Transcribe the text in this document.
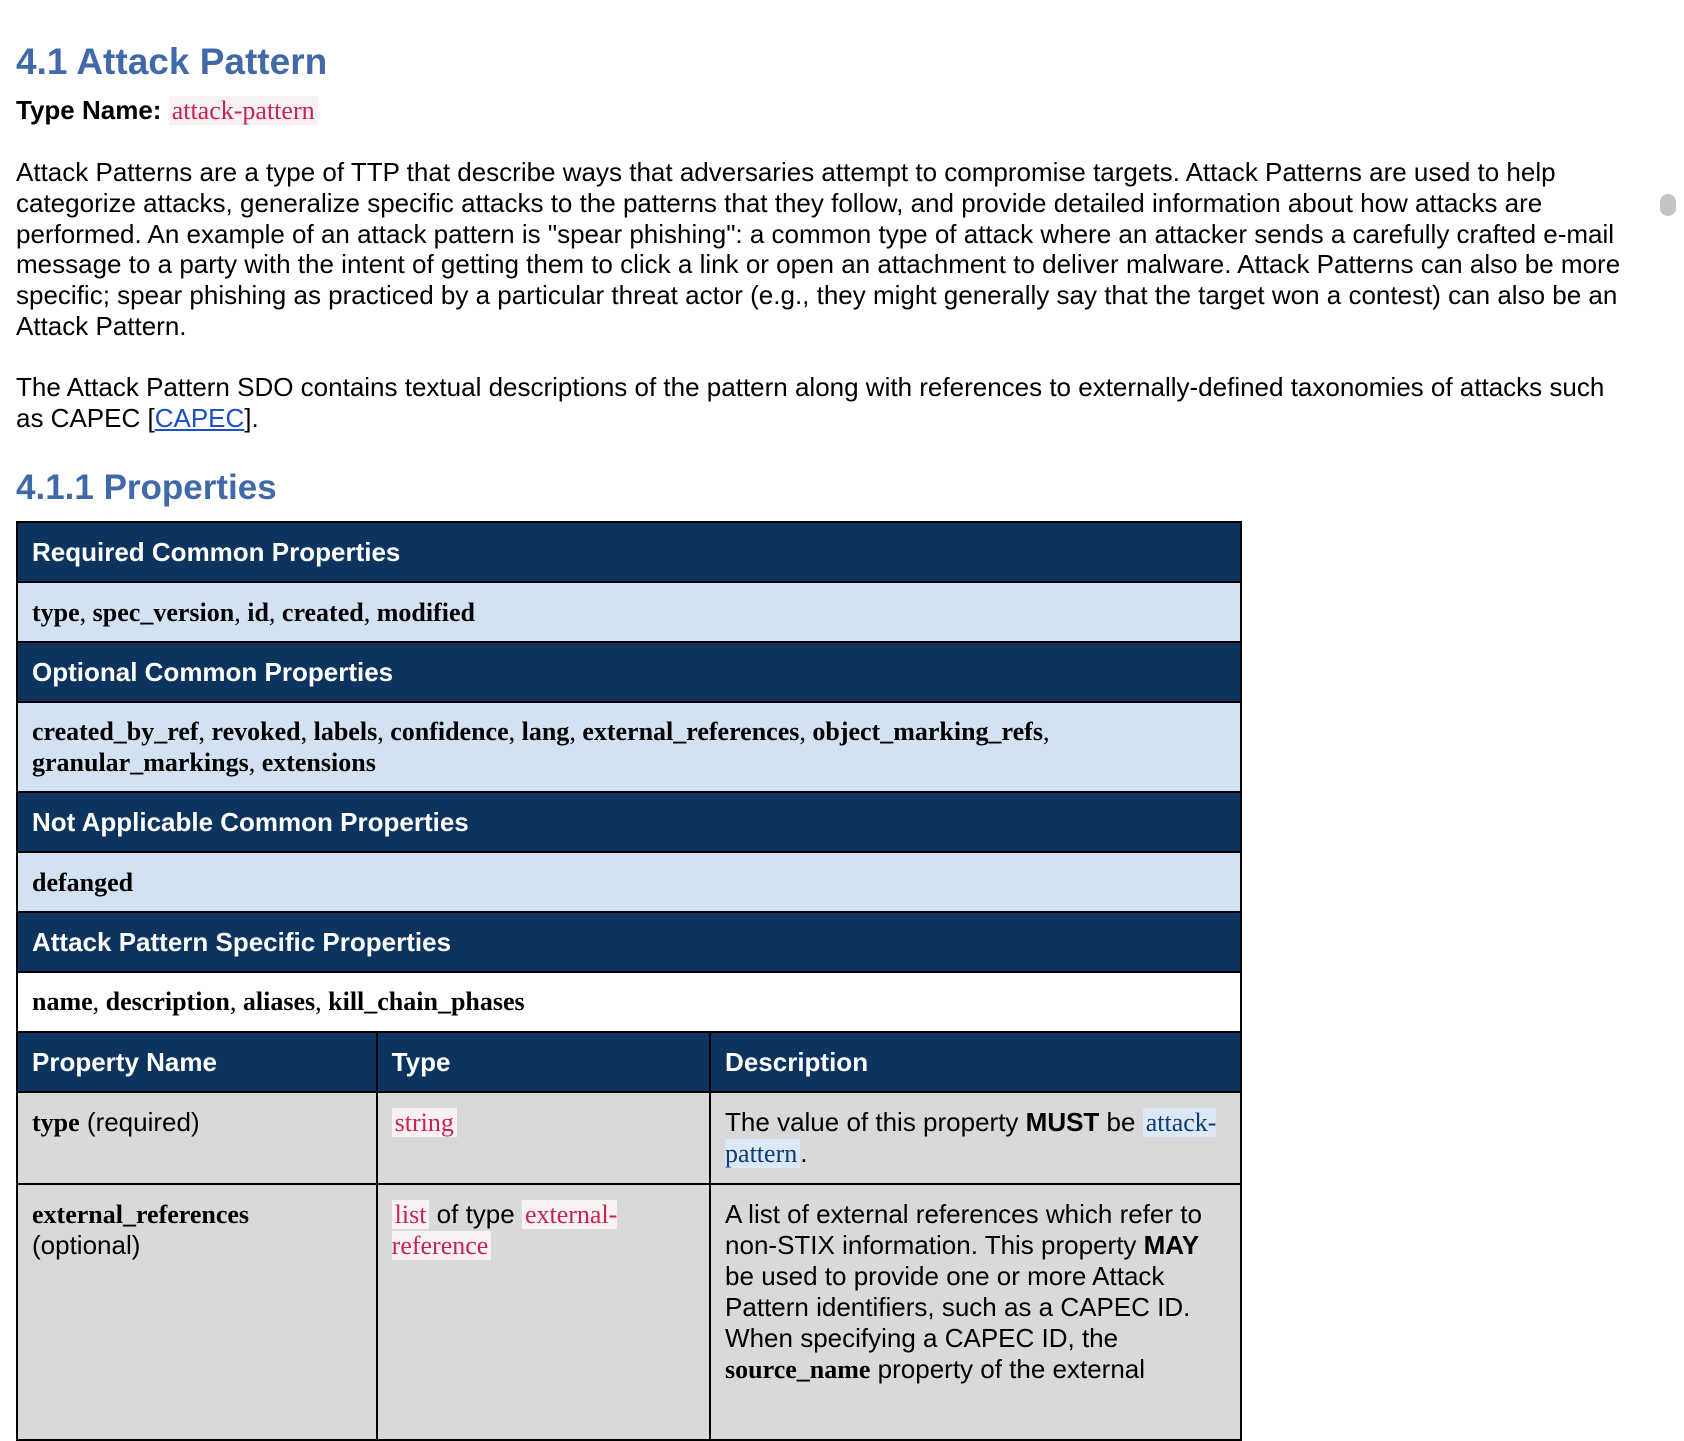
4.1 Attack Pattern
Type Name: attack-pattern

Attack Patterns are a type of TTP that describe ways that adversaries attempt to compromise targets. Attack Patterns are used to help categorize attacks, generalize specific attacks to the patterns that they follow, and provide detailed information about how attacks are performed. An example of an attack pattern is "spear phishing": a common type of attack where an attacker sends a carefully crafted e-mail message to a party with the intent of getting them to click a link or open an attachment to deliver malware. Attack Patterns can also be more specific; spear phishing as practiced by a particular threat actor (e.g., they might generally say that the target won a contest) can also be an Attack Pattern.

The Attack Pattern SDO contains textual descriptions of the pattern along with references to externally-defined taxonomies of attacks such as CAPEC [CAPEC].

4.1.1 Properties
Required Common Properties		
type, spec_version, id, created, modified		
Optional Common Properties		
created_by_ref, revoked, labels, confidence, lang, external_references, object_marking_refs, granular_markings, extensions		
Not Applicable Common Properties		
defanged		
Attack Pattern Specific Properties		
name, description, aliases, kill_chain_phases		
Property Name	Type	Description
type (required)	string	The value of this property MUST be attack-pattern .
external_references
(optional)	list of type external-reference	A list of external references which refer to non-STIX information. This property MAY be used to provide one or more Attack Pattern identifiers, such as a CAPEC ID. When specifying a CAPEC ID, the source_name property of the external
